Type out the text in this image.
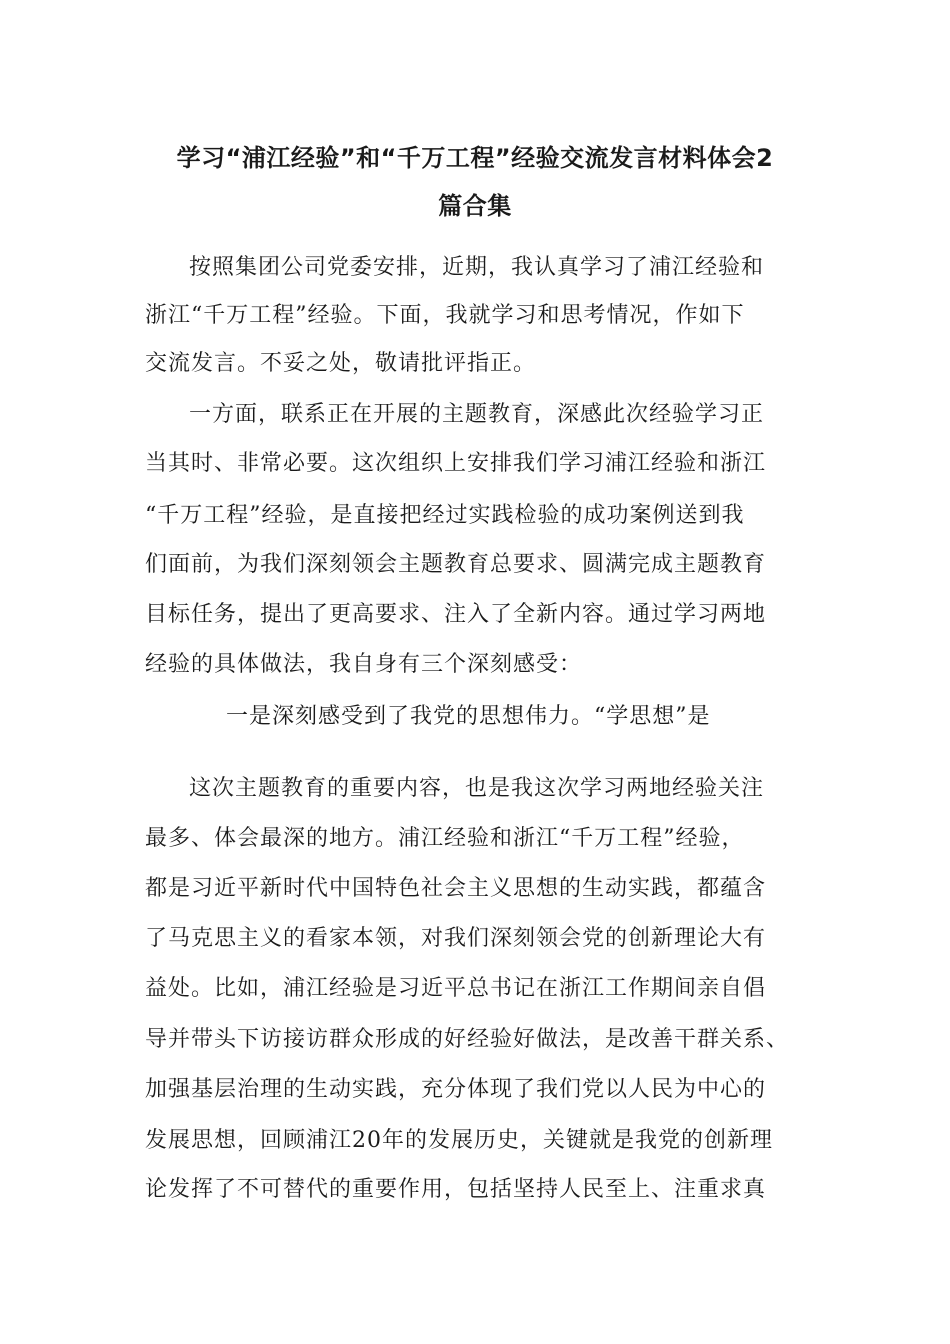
学习“浦江经验”和“千万工程”经验交流发言材料体会2
篇合集

按照集团公司党委安排，近期，我认真学习了浦江经验和

浙江“千万工程”经验。下面，我就学习和思考情况，作如下

交流发言。不妥之处，敬请批评指正。

一方面，联系正在开展的主题教育，深感此次经验学习正

当其时、非常必要。这次组织上安排我们学习浦江经验和浙江

“千万工程”经验，是直接把经过实践检验的成功案例送到我

们面前，为我们深刻领会主题教育总要求、圆满完成主题教育

目标任务，提出了更高要求、注入了全新内容。通过学习两地

经验的具体做法，我自身有三个深刻感受：

一是深刻感受到了我党的思想伟力。“学思想”是

这次主题教育的重要内容，也是我这次学习两地经验关注

最多、体会最深的地方。浦江经验和浙江“千万工程”经验，

都是习近平新时代中国特色社会主义思想的生动实践，都蕴含

了马克思主义的看家本领，对我们深刻领会党的创新理论大有

益处。比如，浦江经验是习近平总书记在浙江工作期间亲自倡

导并带头下访接访群众形成的好经验好做法，是改善干群关系、

加强基层治理的生动实践，充分体现了我们党以人民为中心的

发展思想，回顾浦江20年的发展历史，关键就是我党的创新理

论发挥了不可替代的重要作用，包括坚持人民至上、注重求真
